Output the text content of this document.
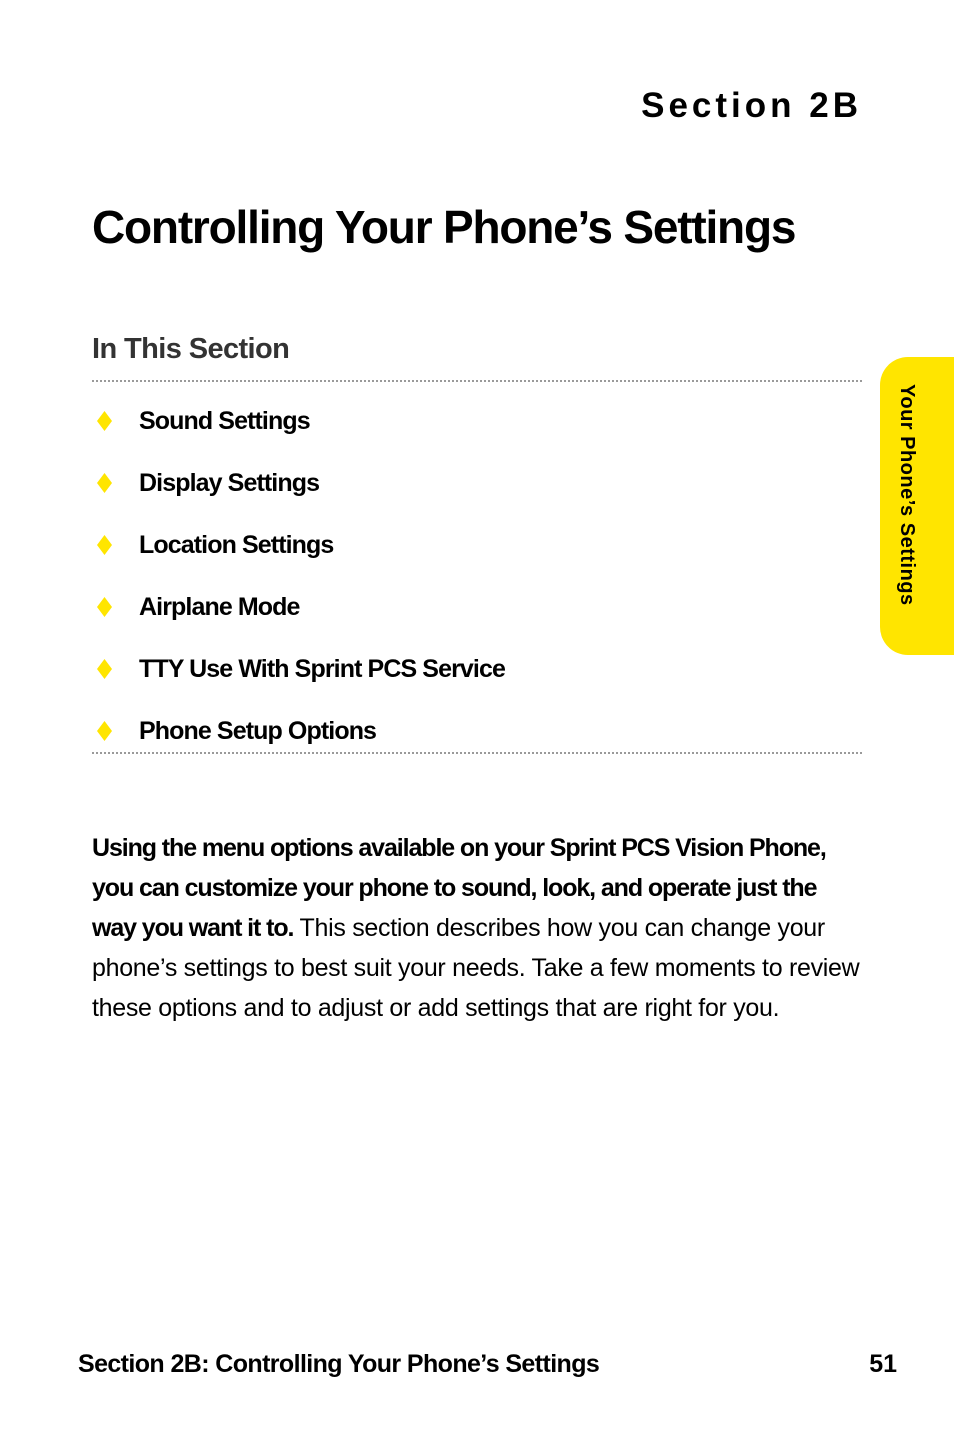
Section 2B
Controlling Your Phone’s Settings
In This Section
Sound Settings
Display Settings
Location Settings
Airplane Mode
TTY Use With Sprint PCS Service
Phone Setup Options

Using the menu options available on your Sprint PCS Vision Phone, you can customize your phone to sound, look, and operate just the way you want it to. This section describes how you can change your phone’s settings to best suit your needs. Take a few moments to review these options and to adjust or add settings that are right for you.

Your Phone’s Settings
Section 2B: Controlling Your Phone’s Settings	51
